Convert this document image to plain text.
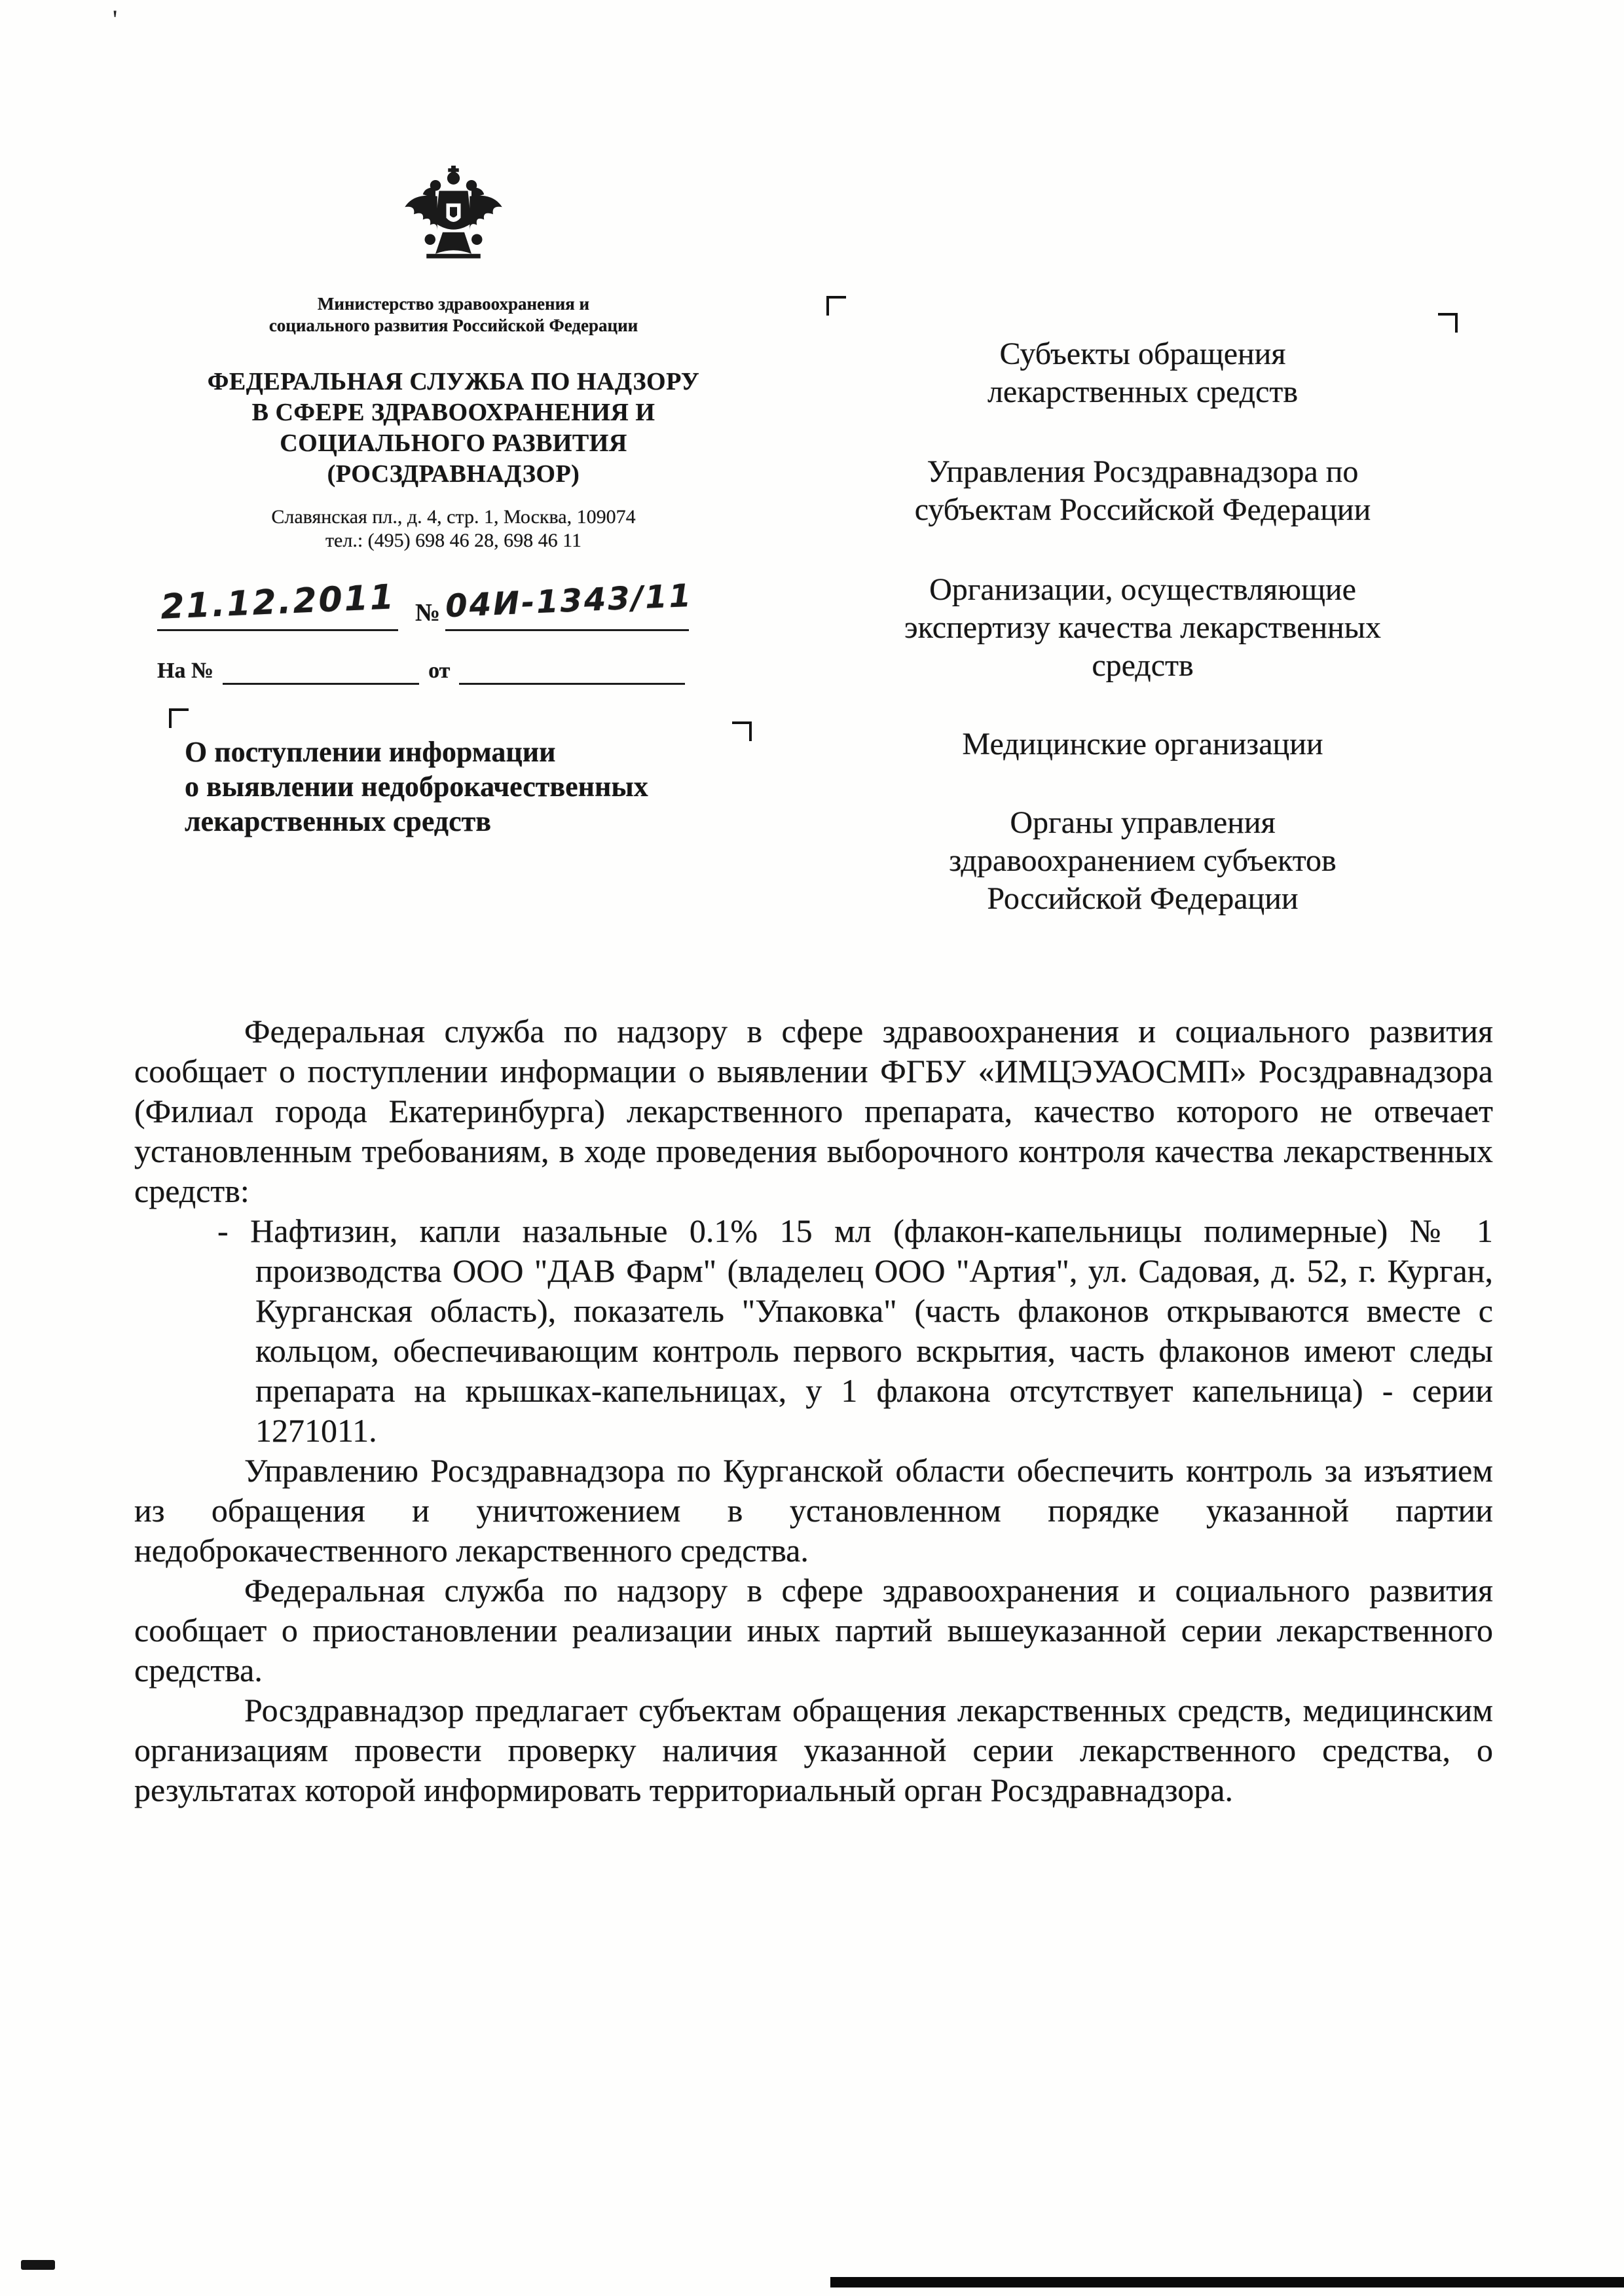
'
Министерство здравоохранения и
социального развития Российской Федерации
ФЕДЕРАЛЬНАЯ СЛУЖБА ПО НАДЗОРУ
В СФЕРЕ ЗДРАВООХРАНЕНИЯ И
СОЦИАЛЬНОГО РАЗВИТИЯ
(РОСЗДРАВНАДЗОР)
Славянская пл., д. 4, стр. 1, Москва, 109074
тел.: (495) 698 46 28, 698 46 11
21.12.2011 № 04И-1343/11
На №	от
О поступлении информации
о выявлении недоброкачественных
лекарственных средств
Субъекты обращения
лекарственных средств
Управления Росздравнадзора по
субъектам Российской Федерации
Организации, осуществляющие
экспертизу качества лекарственных
средств
Медицинские организации
Органы управления
здравоохранением субъектов
Российской Федерации

Федеральная служба по надзору в сфере здравоохранения и социального развития сообщает о поступлении информации о выявлении ФГБУ «ИМЦЭУАОСМП» Росздравнадзора (Филиал города Екатеринбурга) лекарственного препарата, качество которого не отвечает установленным требованиям, в ходе проведения выборочного контроля качества лекарственных средств:

- Нафтизин, капли назальные 0.1% 15 мл (флакон-капельницы полимерные) № 1 производства ООО "ДАВ Фарм" (владелец ООО "Артия", ул. Садовая, д. 52, г. Курган, Курганская область), показатель "Упаковка" (часть флаконов открываются вместе с кольцом, обеспечивающим контроль первого вскрытия, часть флаконов имеют следы препарата на крышках-капельницах, у 1 флакона отсутствует капельница) - серии 1271011.

Управлению Росздравнадзора по Курганской области обеспечить контроль за изъятием из обращения и уничтожением в установленном порядке указанной партии недоброкачественного лекарственного средства.

Федеральная служба по надзору в сфере здравоохранения и социального развития сообщает о приостановлении реализации иных партий вышеуказанной серии лекарственного средства.

Росздравнадзор предлагает субъектам обращения лекарственных средств, медицинским организациям провести проверку наличия указанной серии лекарственного средства, о результатах которой информировать территориальный орган Росздравнадзора.
